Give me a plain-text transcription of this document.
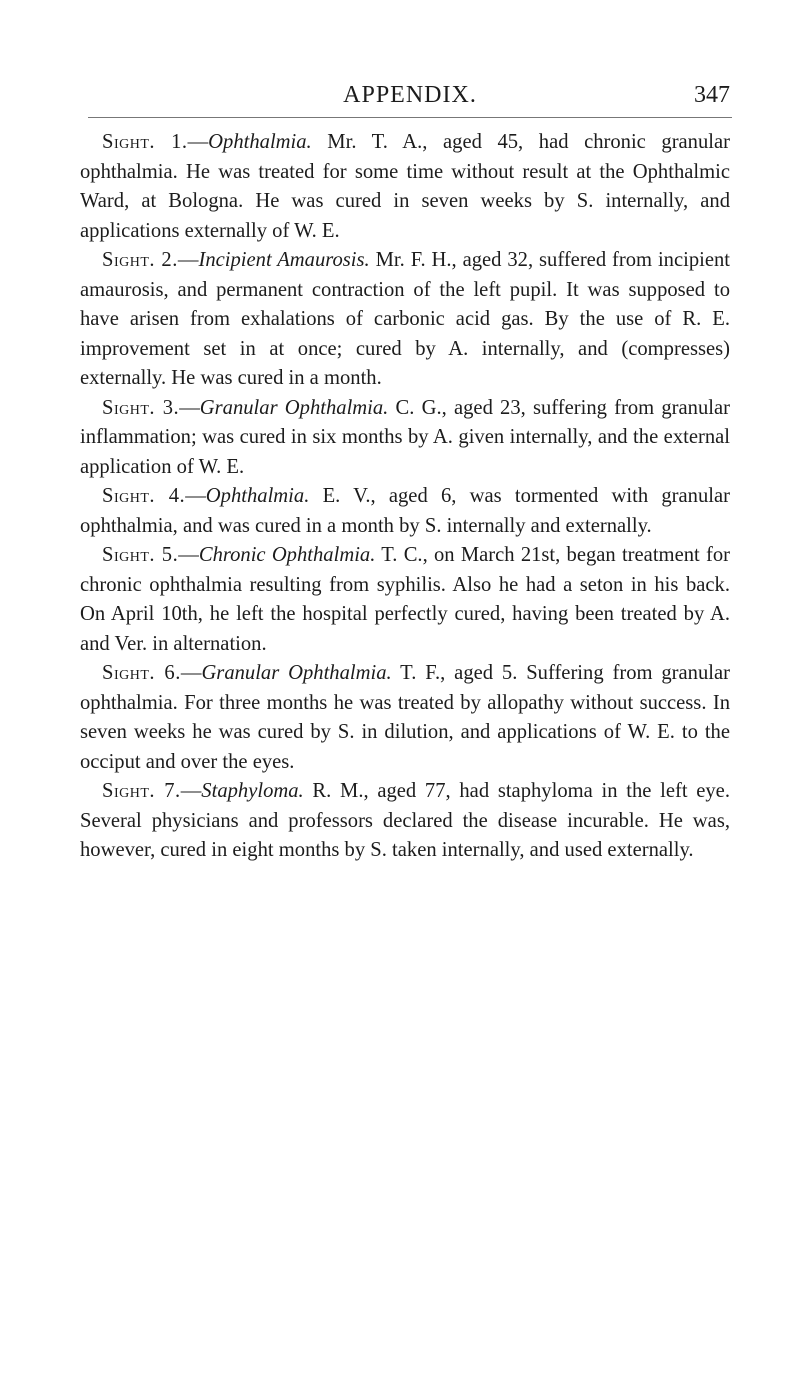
APPENDIX.	347

Sight. 1.—Ophthalmia. Mr. T. A., aged 45, had chronic granular ophthalmia. He was treated for some time without result at the Ophthalmic Ward, at Bologna. He was cured in seven weeks by S. internally, and applications externally of W. E.

Sight. 2.—Incipient Amaurosis. Mr. F. H., aged 32, suffered from incipient amaurosis, and permanent contraction of the left pupil. It was supposed to have arisen from exhalations of carbonic acid gas. By the use of R. E. improvement set in at once; cured by A. internally, and (compresses) externally. He was cured in a month.

Sight. 3.—Granular Ophthalmia. C. G., aged 23, suffering from granular inflammation; was cured in six months by A. given internally, and the external application of W. E.

Sight. 4.—Ophthalmia. E. V., aged 6, was tormented with granular ophthalmia, and was cured in a month by S. internally and externally.

Sight. 5.—Chronic Ophthalmia. T. C., on March 21st, began treatment for chronic ophthalmia resulting from syphilis. Also he had a seton in his back. On April 10th, he left the hospital perfectly cured, having been treated by A. and Ver. in alternation.

Sight. 6.—Granular Ophthalmia. T. F., aged 5. Suffering from granular ophthalmia. For three months he was treated by allopathy without success. In seven weeks he was cured by S. in dilution, and applications of W. E. to the occiput and over the eyes.

Sight. 7.—Staphyloma. R. M., aged 77, had staphyloma in the left eye. Several physicians and professors declared the disease incurable. He was, however, cured in eight months by S. taken internally, and used externally.
